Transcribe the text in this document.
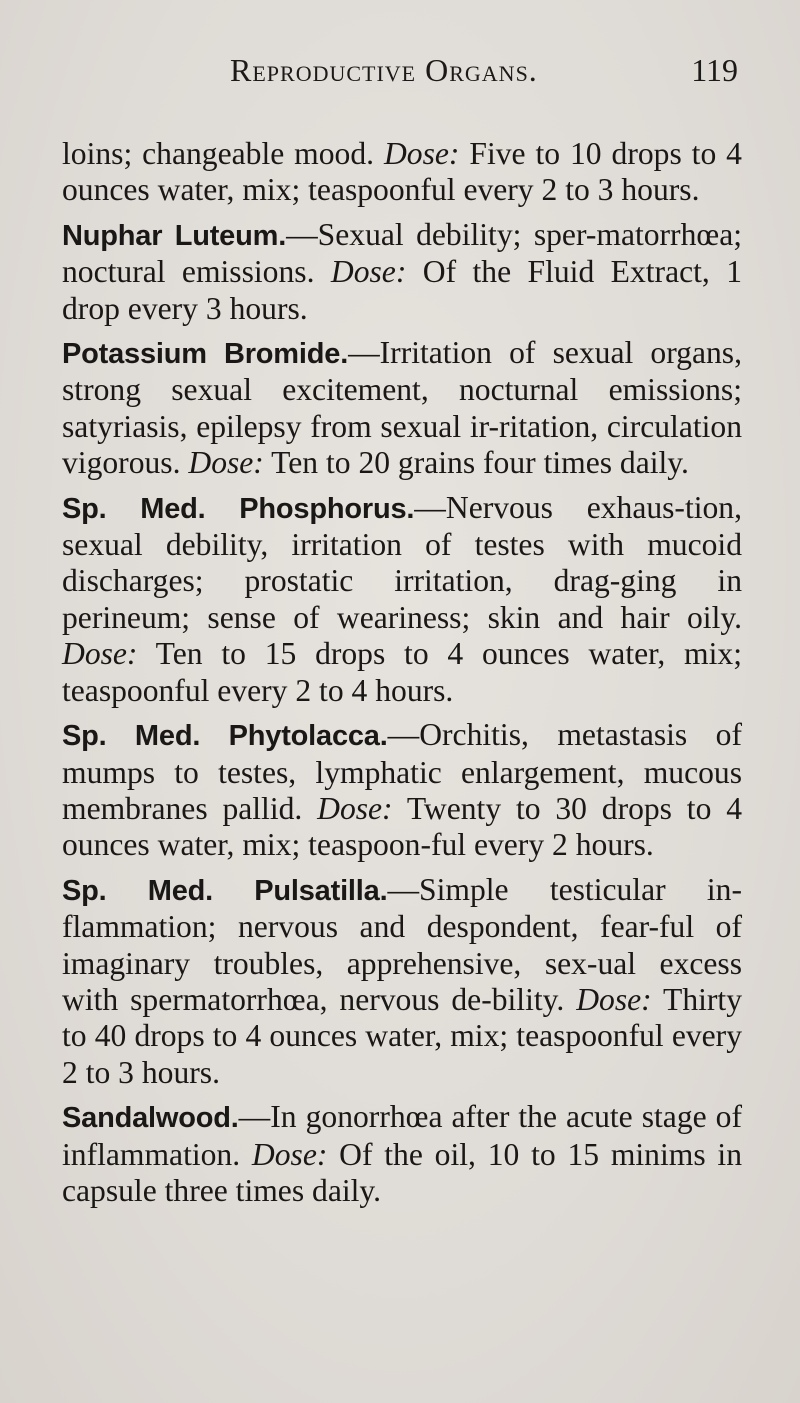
Reproductive Organs.	119

loins; changeable mood. Dose: Five to 10 drops to 4 ounces water, mix; teaspoonful every 2 to 3 hours.

Nuphar Luteum.—Sexual debility; sper-matorrhœa; noctural emissions. Dose: Of the Fluid Extract, 1 drop every 3 hours.

Potassium Bromide.—Irritation of sexual organs, strong sexual excitement, nocturnal emissions; satyriasis, epilepsy from sexual ir-ritation, circulation vigorous. Dose: Ten to 20 grains four times daily.

Sp. Med. Phosphorus.—Nervous exhaus-tion, sexual debility, irritation of testes with mucoid discharges; prostatic irritation, drag-ging in perineum; sense of weariness; skin and hair oily. Dose: Ten to 15 drops to 4 ounces water, mix; teaspoonful every 2 to 4 hours.

Sp. Med. Phytolacca.—Orchitis, metastasis of mumps to testes, lymphatic enlargement, mucous membranes pallid. Dose: Twenty to 30 drops to 4 ounces water, mix; teaspoon-ful every 2 hours.

Sp. Med. Pulsatilla.—Simple testicular in-flammation; nervous and despondent, fear-ful of imaginary troubles, apprehensive, sex-ual excess with spermatorrhœa, nervous de-bility. Dose: Thirty to 40 drops to 4 ounces water, mix; teaspoonful every 2 to 3 hours.

Sandalwood.—In gonorrhœa after the acute stage of inflammation. Dose: Of the oil, 10 to 15 minims in capsule three times daily.
